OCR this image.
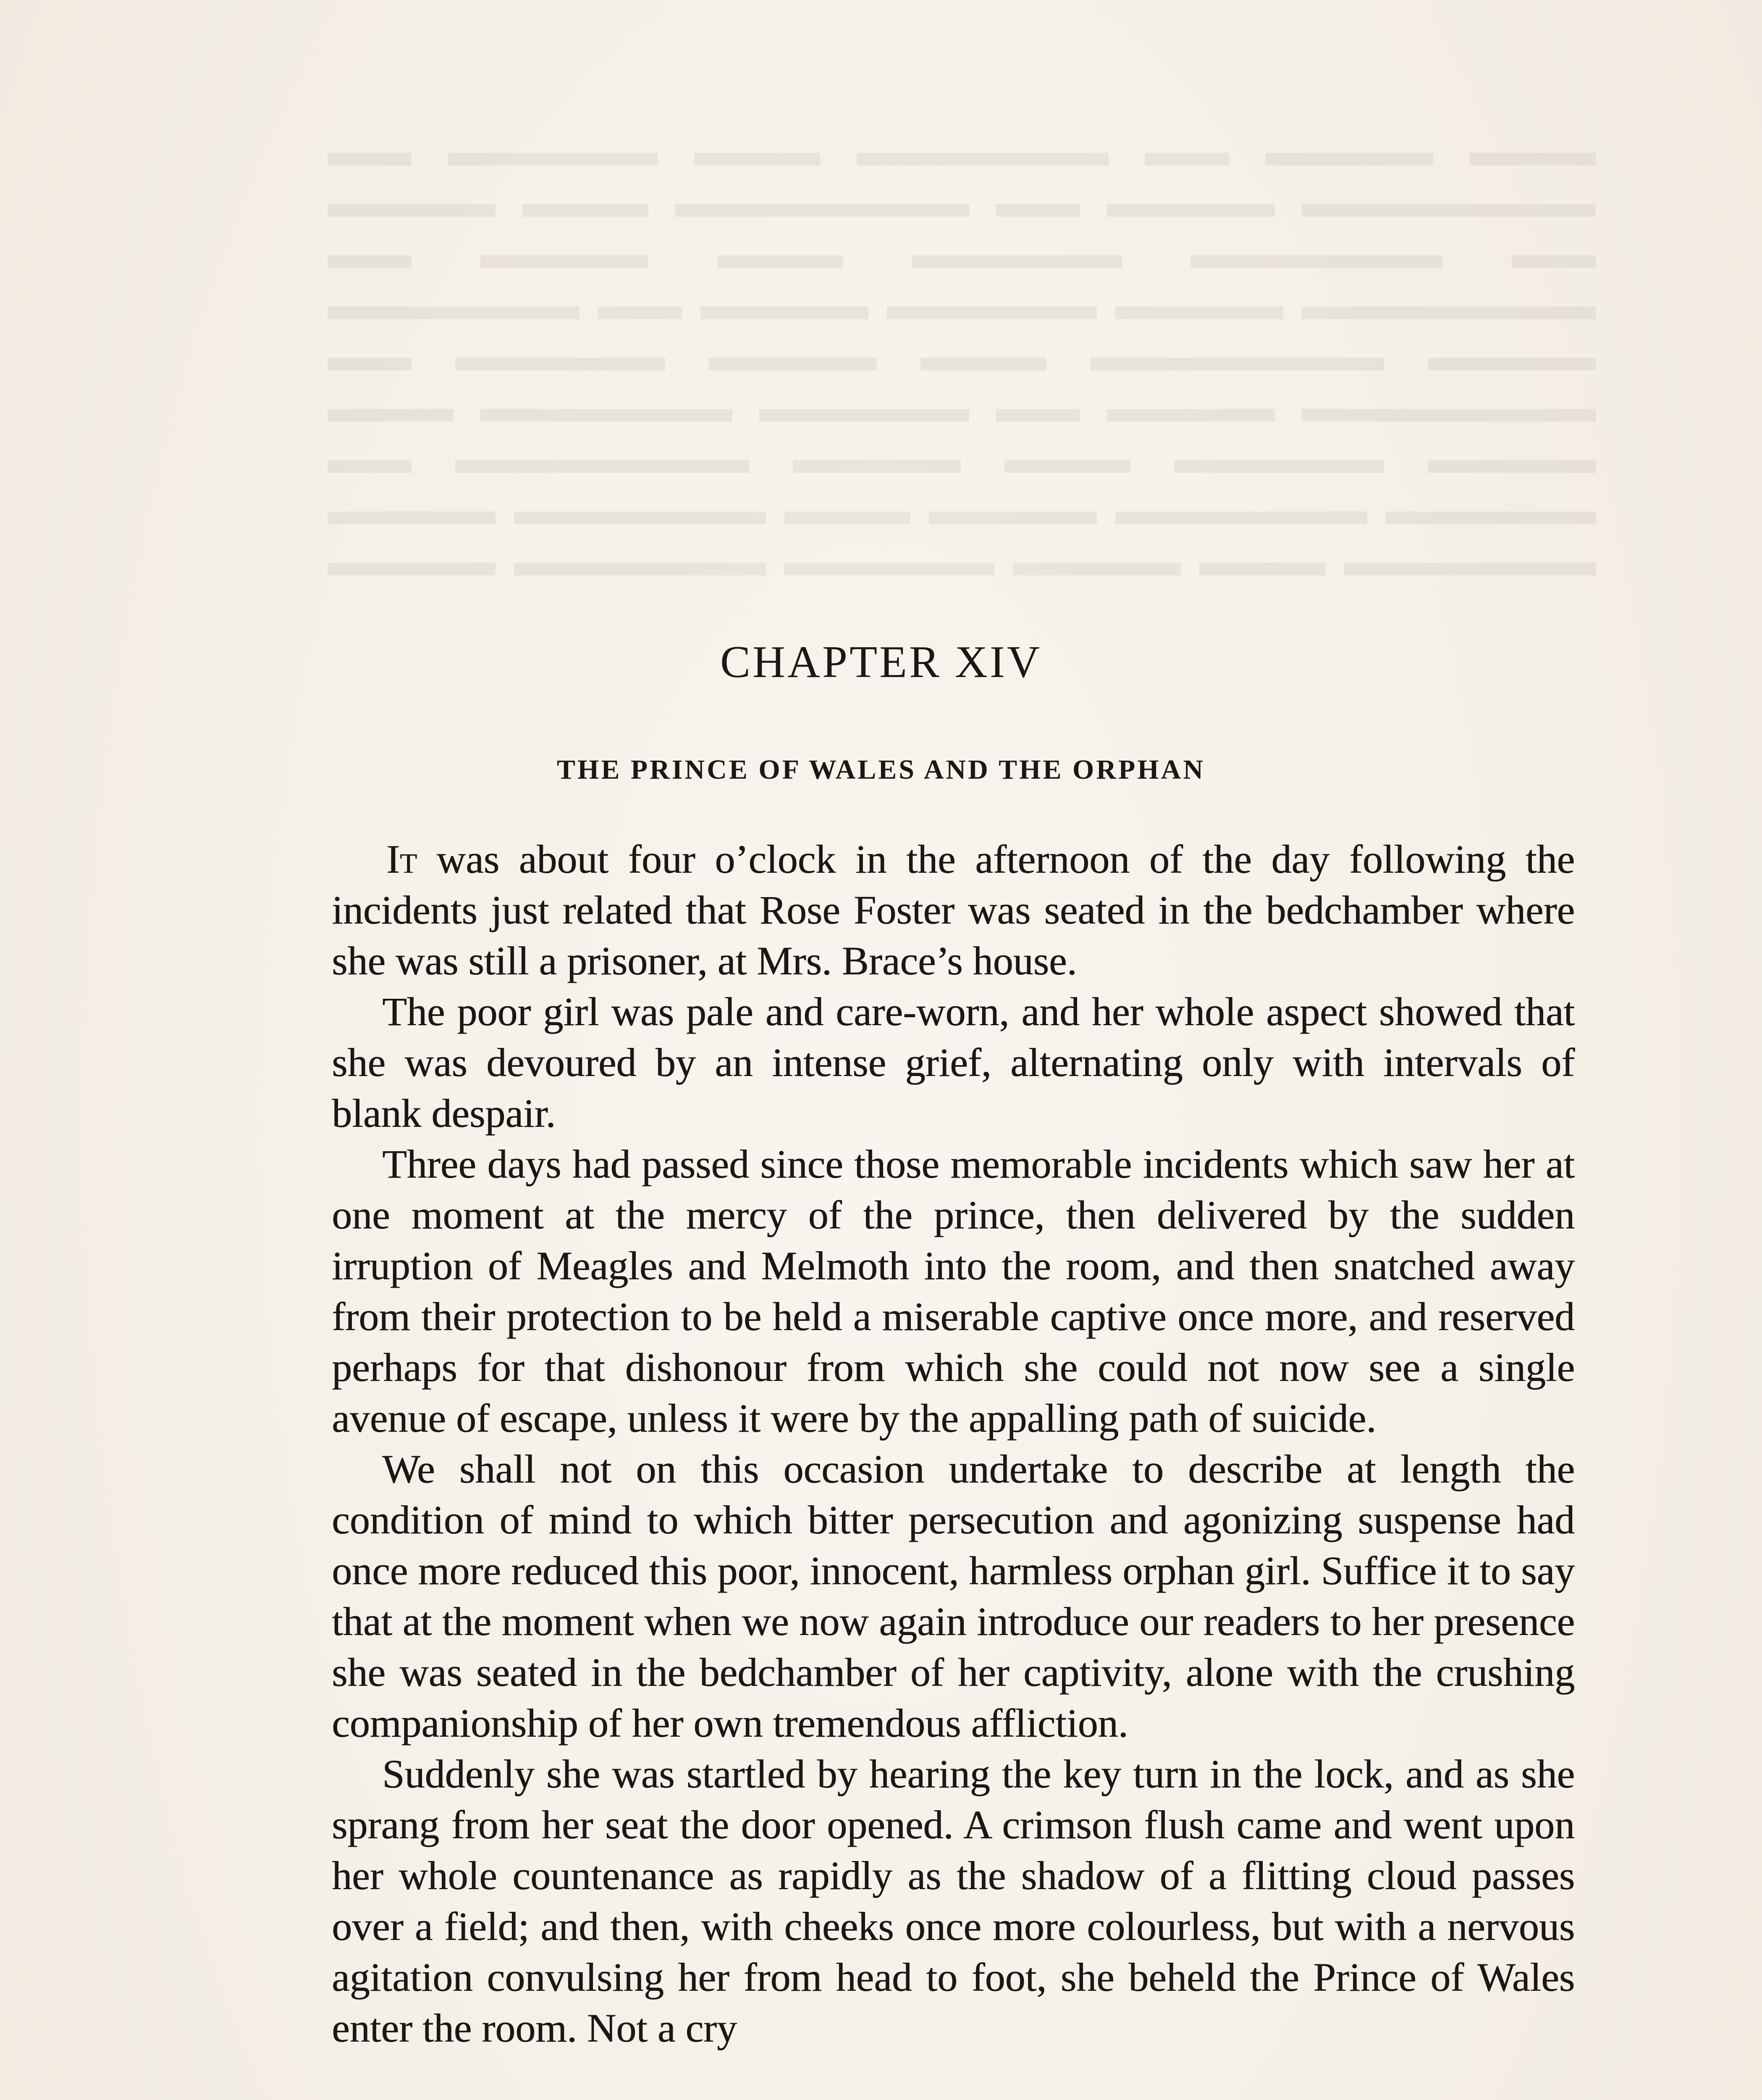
▬▬▬ ▬▬▬▬ ▬▬ ▬▬▬▬▬▬ ▬▬▬ ▬▬▬▬▬ ▬▬ ▬▬▬▬▬▬▬ ▬▬▬▬ ▬▬ ▬▬▬▬▬▬▬ ▬▬▬ ▬▬▬▬ ▬▬ ▬▬▬▬▬▬ ▬▬▬▬▬ ▬▬▬ ▬▬▬▬ ▬▬ ▬▬▬▬▬▬▬ ▬▬▬▬ ▬▬▬▬▬ ▬▬▬▬ ▬▬ ▬▬▬▬▬▬ ▬▬▬▬ ▬▬▬▬▬▬▬ ▬▬▬ ▬▬▬▬ ▬▬▬▬▬ ▬▬ ▬▬▬▬▬▬▬ ▬▬▬▬ ▬▬ ▬▬▬▬▬ ▬▬▬▬▬▬ ▬▬▬ ▬▬▬▬ ▬▬▬▬▬ ▬▬▬ ▬▬▬▬ ▬▬▬▬▬▬▬ ▬▬ ▬▬▬▬▬ ▬▬▬▬▬▬ ▬▬▬▬ ▬▬▬ ▬▬▬▬▬▬ ▬▬▬▬ ▬▬▬▬▬▬ ▬▬▬ ▬▬▬▬ ▬▬▬▬▬ ▬▬▬▬▬▬ ▬▬▬▬
CHAPTER XIV
THE PRINCE OF WALES AND THE ORPHAN

It was about four o’clock in the afternoon of the day following the incidents just related that Rose Foster was seated in the bedchamber where she was still a prisoner, at Mrs. Brace’s house.

The poor girl was pale and care-worn, and her whole aspect showed that she was devoured by an intense grief, alternating only with intervals of blank despair.

Three days had passed since those memorable incidents which saw her at one moment at the mercy of the prince, then delivered by the sudden irruption of Meagles and Melmoth into the room, and then snatched away from their protection to be held a miserable captive once more, and reserved perhaps for that dishonour from which she could not now see a single avenue of escape, unless it were by the appalling path of suicide.

We shall not on this occasion undertake to describe at length the condition of mind to which bitter persecution and agonizing suspense had once more reduced this poor, innocent, harmless orphan girl. Suffice it to say that at the moment when we now again introduce our readers to her presence she was seated in the bedchamber of her captivity, alone with the crushing companionship of her own tremendous affliction.

Suddenly she was startled by hearing the key turn in the lock, and as she sprang from her seat the door opened. A crimson flush came and went upon her whole countenance as rapidly as the shadow of a flitting cloud passes over a field; and then, with cheeks once more colourless, but with a nervous agitation convulsing her from head to foot, she beheld the Prince of Wales enter the room. Not a cry
